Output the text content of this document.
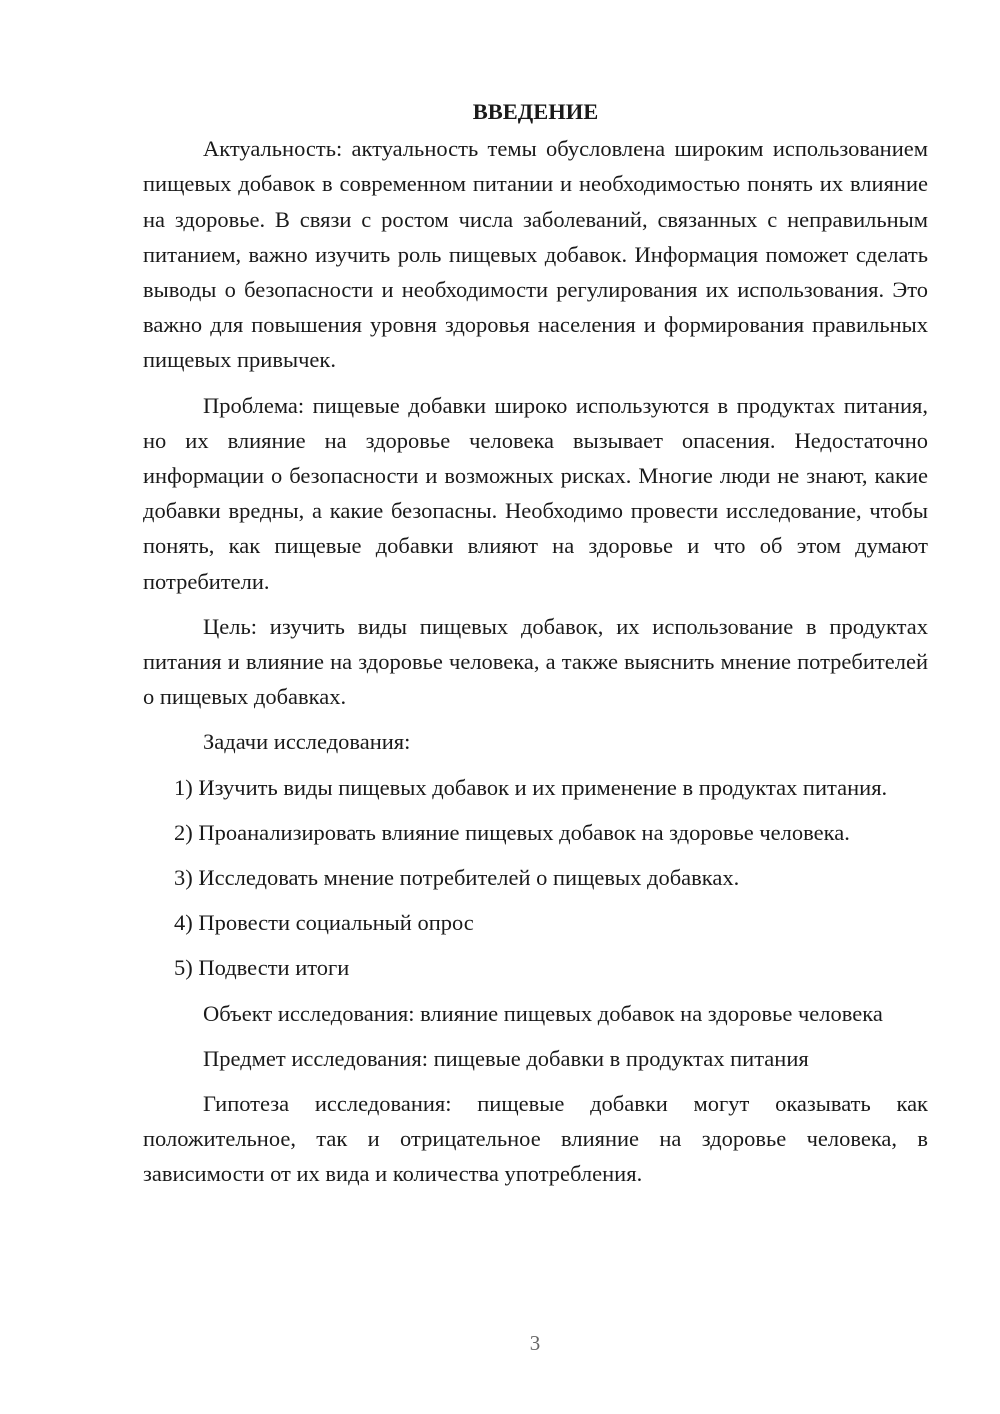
ВВЕДЕНИЕ

Актуальность: актуальность темы обусловлена широким использованием пищевых добавок в современном питании и необходимостью понять их влияние на здоровье. В связи с ростом числа заболеваний, связанных с неправильным питанием, важно изучить роль пищевых добавок. Информация поможет сделать выводы о безопасности и необходимости регулирования их использования. Это важно для повышения уровня здоровья населения и формирования правильных пищевых привычек.

Проблема: пищевые добавки широко используются в продуктах питания, но их влияние на здоровье человека вызывает опасения. Недостаточно информации о безопасности и возможных рисках. Многие люди не знают, какие добавки вредны, а какие безопасны. Необходимо провести исследование, чтобы понять, как пищевые добавки влияют на здоровье и что об этом думают потребители.

Цель: изучить виды пищевых добавок, их использование в продуктах питания и влияние на здоровье человека, а также выяснить мнение потребителей о пищевых добавках.

Задачи исследования:

1) Изучить виды пищевых добавок и их применение в продуктах питания.

2) Проанализировать влияние пищевых добавок на здоровье человека.

3) Исследовать мнение потребителей о пищевых добавках.

4) Провести социальный опрос

5) Подвести итоги

Объект исследования: влияние пищевых добавок на здоровье человека

Предмет исследования: пищевые добавки в продуктах питания

Гипотеза исследования: пищевые добавки могут оказывать как положительное, так и отрицательное влияние на здоровье человека, в зависимости от их вида и количества употребления.

3
